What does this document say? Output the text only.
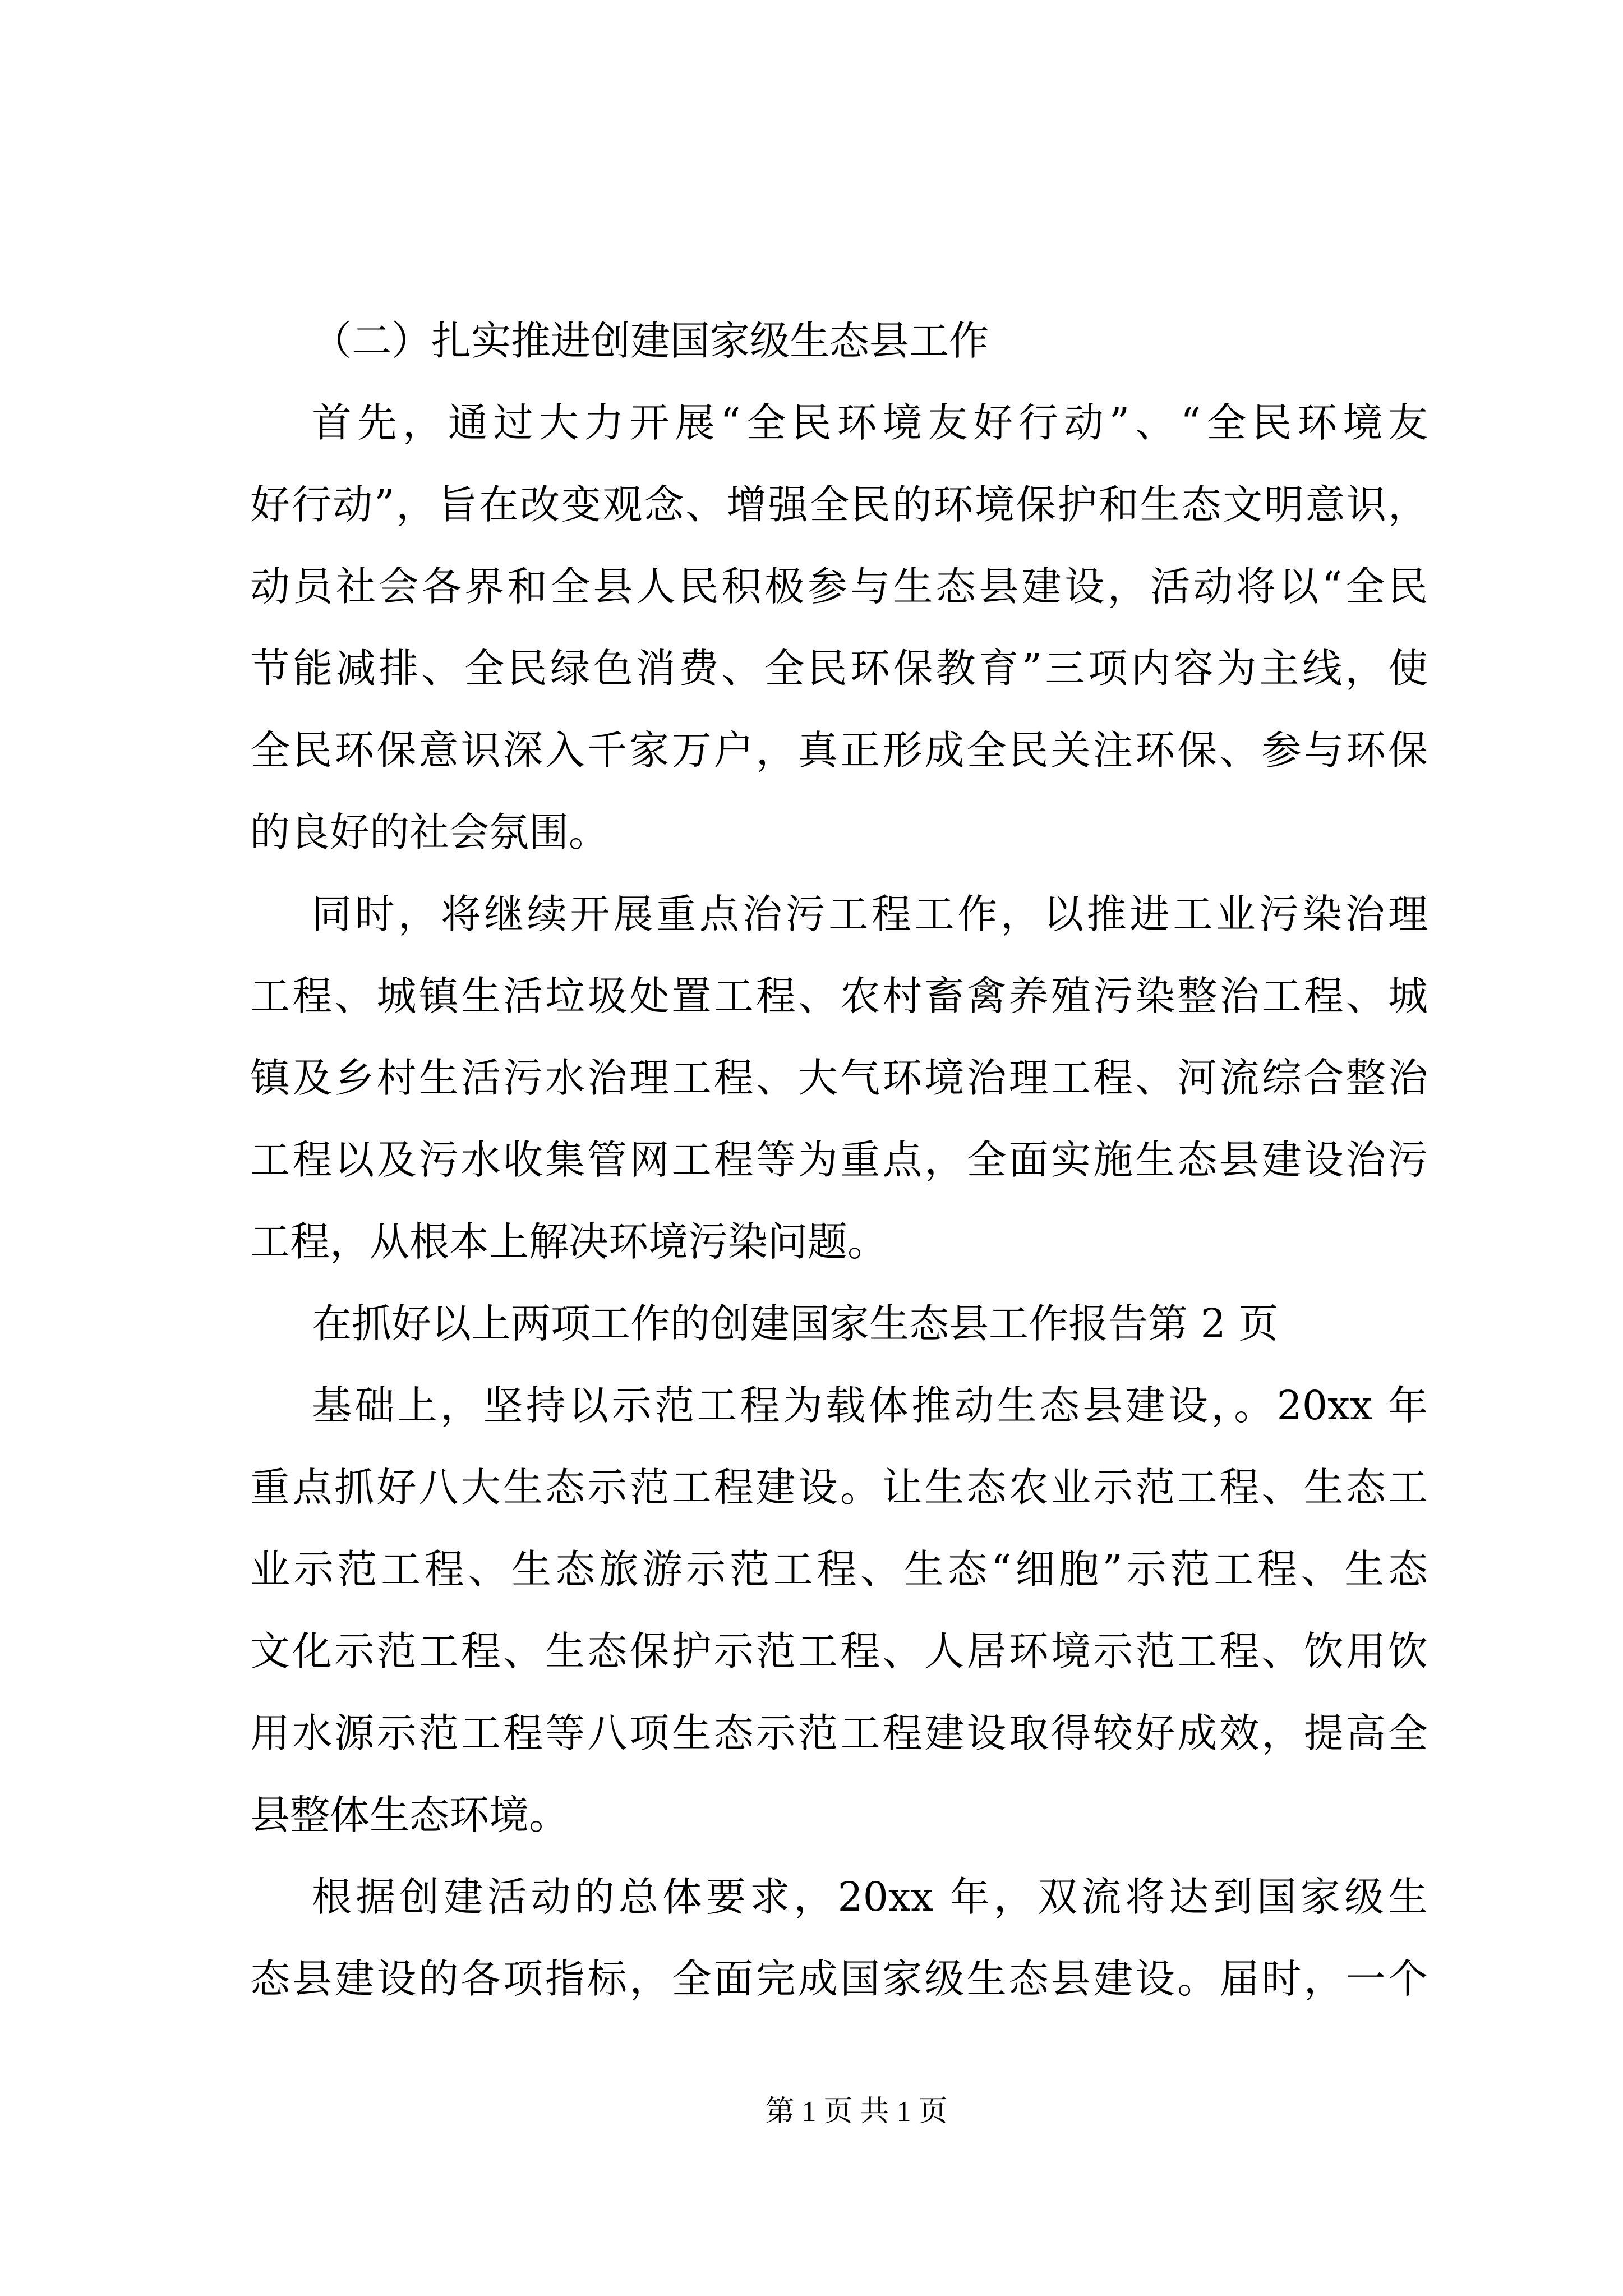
（二）扎实推进创建国家级生态县工作
首先，通过大力开展“全民环境友好行动”、“全民环境友
好行动”，旨在改变观念、增强全民的环境保护和生态文明意识，
动员社会各界和全县人民积极参与生态县建设，活动将以“全民
节能减排、全民绿色消费、全民环保教育”三项内容为主线，使
全民环保意识深入千家万户，真正形成全民关注环保、参与环保
的良好的社会氛围。
同时，将继续开展重点治污工程工作，以推进工业污染治理
工程、城镇生活垃圾处置工程、农村畜禽养殖污染整治工程、城
镇及乡村生活污水治理工程、大气环境治理工程、河流综合整治
工程以及污水收集管网工程等为重点，全面实施生态县建设治污
工程，从根本上解决环境污染问题。
在抓好以上两项工作的创建国家生态县工作报告第 2 页
基础上，坚持以示范工程为载体推动生态县建设，。20xx 年
重点抓好八大生态示范工程建设。让生态农业示范工程、生态工
业示范工程、生态旅游示范工程、生态“细胞”示范工程、生态
文化示范工程、生态保护示范工程、人居环境示范工程、饮用饮
用水源示范工程等八项生态示范工程建设取得较好成效，提高全
县整体生态环境。
根据创建活动的总体要求，20xx 年，双流将达到国家级生
态县建设的各项指标，全面完成国家级生态县建设。届时，一个
第 1 页 共 1 页
